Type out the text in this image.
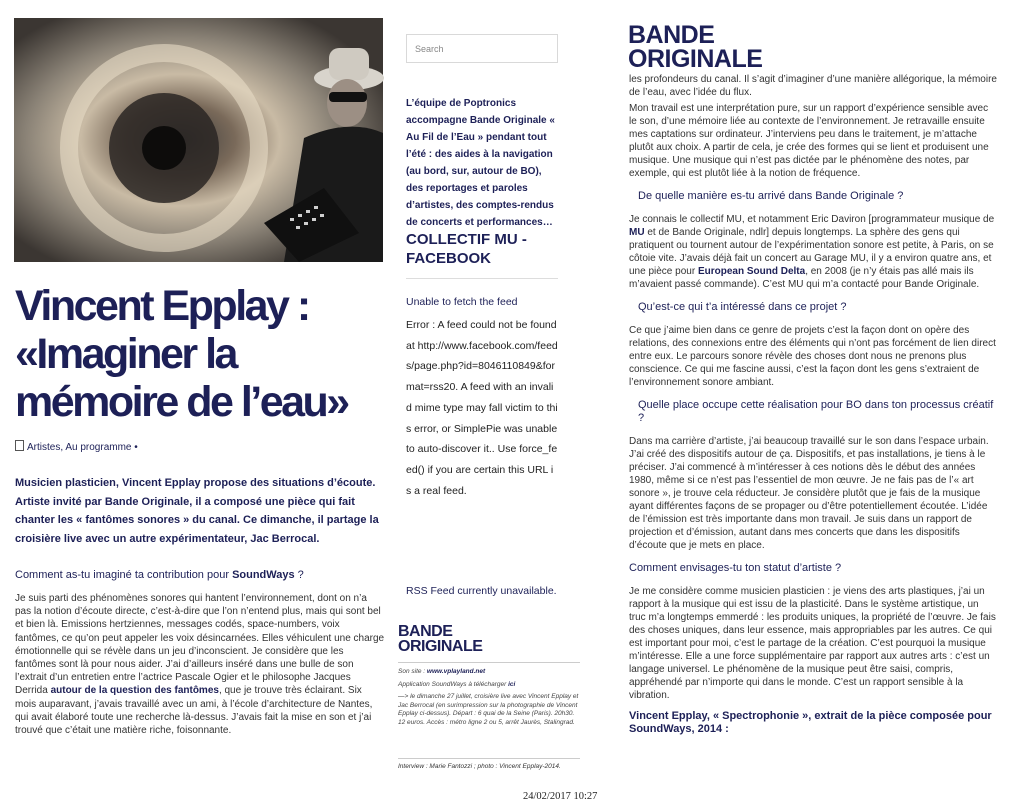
Vincent Epplay : «Imaginer la mémoire de l’eau»
Artistes, Au programme •

Musicien plasticien, Vincent Epplay propose des situations d’écoute. Artiste invité par Bande Originale, il a composé une pièce qui fait chanter les « fantômes sonores » du canal. Ce dimanche, il partage la croisière live avec un autre expérimentateur, Jac Berrocal.

Comment as-tu imaginé ta contribution pour SoundWays ?

Je suis parti des phénomènes sonores qui hantent l’environnement, dont on n’a pas la notion d’écoute directe, c’est-à-dire que l’on n’entend plus, mais qui sont bel et bien là. Emissions hertziennes, messages codés, space-numbers, voix fantômes, ce qu’on peut appeler les voix désincarnées. Elles véhiculent une charge émotionnelle qui se révèle dans un jeu d’inconscient. Je considère que les fantômes sont là pour nous aider. J’ai d’ailleurs inséré dans une bulle de son l’extrait d’un entretien entre l’actrice Pascale Ogier et le philosophe Jacques Derrida autour de la question des fantômes, que je trouve très éclairant. Six mois auparavant, j’avais travaillé avec un ami, à l’école d’architecture de Nantes, qui avait élaboré toute une recherche là-dessus. J’avais fait la mise en son et j’ai trouvé que c’était une matière riche, foisonnante.

Search

L’équipe de Poptronics accompagne Bande Originale « Au Fil de l’Eau » pendant tout l’été : des aides à la navigation (au bord, sur, autour de BO), des reportages et paroles d’artistes, des comptes-rendus de concerts et performances…

COLLECTIF MU - FACEBOOK
Unable to fetch the feed

Error : A feed could not be found at http://www.facebook.com/feeds/page.php?id=8046110849&format=rss20. A feed with an invalid mime type may fall victim to this error, or SimplePie was unable to auto-discover it.. Use force_feed() if you are certain this URL is a real feed.

RSS Feed currently unavailable.

BANDE
ORIGINALE

Son site : www.vplayland.net

Application SoundWays à télécharger ici

—> le dimanche 27 juillet, croisière live avec Vincent Epplay et Jac Berrocal (en surimpression sur la photographie de Vincent Epplay ci-dessus). Départ : 6 quai de la Seine (Paris). 20h30. 12 euros. Accès : métro ligne 2 ou 5, arrêt Jaurès, Stalingrad.

Interview : Marie Fantozzi ; photo : Vincent Epplay-2014.
24/02/2017 10:27
BANDE
ORIGINALE
les profondeurs du canal. Il s’agit d’imaginer d’une manière allégorique, la mémoire de l’eau, avec l’idée du flux.

Mon travail est une interprétation pure, sur un rapport d’expérience sensible avec le son, d’une mémoire liée au contexte de l’environnement. Je retravaille ensuite mes captations sur ordinateur. J’interviens peu dans le traitement, je m’attache plutôt aux choix. A partir de cela, je crée des formes qui se lient et produisent une musique. Une musique qui n’est pas dictée par le phénomène des notes, par exemple, qui est plutôt liée à la notion de fréquence.

De quelle manière es-tu arrivé dans Bande Originale ?

Je connais le collectif MU, et notamment Eric Daviron [programmateur musique de MU et de Bande Originale, ndlr] depuis longtemps. La sphère des gens qui pratiquent ou tournent autour de l’expérimentation sonore est petite, à Paris, on se côtoie vite. J’avais déjà fait un concert au Garage MU, il y a environ quatre ans, et une pièce pour European Sound Delta, en 2008 (je n’y étais pas allé mais ils m’avaient passé commande). C’est MU qui m’a contacté pour Bande Originale.

Qu’est-ce qui t’a intéressé dans ce projet ?

Ce que j’aime bien dans ce genre de projets c’est la façon dont on opère des relations, des connexions entre des éléments qui n’ont pas forcément de lien direct entre eux. Le parcours sonore révèle des choses dont nous ne prenons plus conscience. Ce qui me fascine aussi, c’est la façon dont les gens s’extraient de l’environnement sonore ambiant.

Quelle place occupe cette réalisation pour BO dans ton processus créatif ?

Dans ma carrière d’artiste, j’ai beaucoup travaillé sur le son dans l’espace urbain. J’ai créé des dispositifs autour de ça. Dispositifs, et pas installations, je tiens à le préciser. J’ai commencé à m’intéresser à ces notions dès le début des années 1980, même si ce n’est pas l’essentiel de mon œuvre. Je ne fais pas de l’« art sonore », je trouve cela réducteur. Je considère plutôt que je fais de la musique ayant différentes façons de se propager ou d’être potentiellement écoutée. L’idée de l’émission est très importante dans mon travail. Je suis dans un rapport de projection et d’émission, autant dans mes concerts que dans les dispositifs d’écoute que je mets en place.

Comment envisages-tu ton statut d’artiste ?

Je me considère comme musicien plasticien : je viens des arts plastiques, j’ai un rapport à la musique qui est issu de la plasticité. Dans le système artistique, un truc m’a longtemps emmerdé : les produits uniques, la propriété de l’œuvre. Je fais des choses uniques, dans leur essence, mais appropriables par les autres. Ce qui est important pour moi, c’est le partage de la création. C’est pourquoi la musique m’intéresse. Elle a une force supplémentaire par rapport aux autres arts : c’est un langage universel. Le phénomène de la musique peut être saisi, compris, appréhendé par n’importe qui dans le monde. C’est un rapport sensible à la vibration.

Vincent Epplay, « Spectrophonie », extrait de la pièce composée pour SoundWays, 2014 :
